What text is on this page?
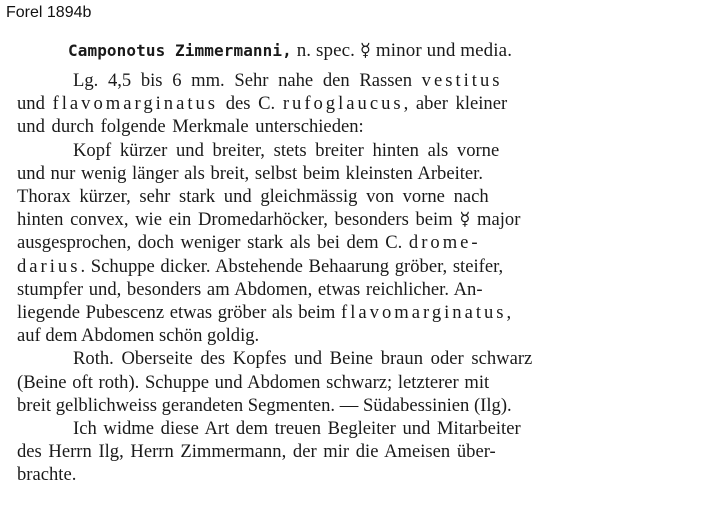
Forel 1894b
Camponotus Zimmermanni, n. spec. ☿ minor und media.
Lg. 4,5 bis 6 mm. Sehr nahe den Rassen vestitus
und flavomarginatus des C. rufoglaucus, aber kleiner
und durch folgende Merkmale unterschieden:
Kopf kürzer und breiter, stets breiter hinten als vorne
und nur wenig länger als breit, selbst beim kleinsten Arbeiter.
Thorax kürzer, sehr stark und gleichmässig von vorne nach
hinten convex, wie ein Dromedarhöcker, besonders beim ☿ major
ausgesprochen, doch weniger stark als bei dem C. drome-
darius. Schuppe dicker. Abstehende Behaarung gröber, steifer,
stumpfer und, besonders am Abdomen, etwas reichlicher. An-
liegende Pubescenz etwas gröber als beim flavomarginatus,
auf dem Abdomen schön goldig.
Roth. Oberseite des Kopfes und Beine braun oder schwarz
(Beine oft roth). Schuppe und Abdomen schwarz; letzterer mit
breit gelblichweiss gerandeten Segmenten. — Südabessinien (Ilg).
Ich widme diese Art dem treuen Begleiter und Mitarbeiter
des Herrn Ilg, Herrn Zimmermann, der mir die Ameisen über-
brachte.
